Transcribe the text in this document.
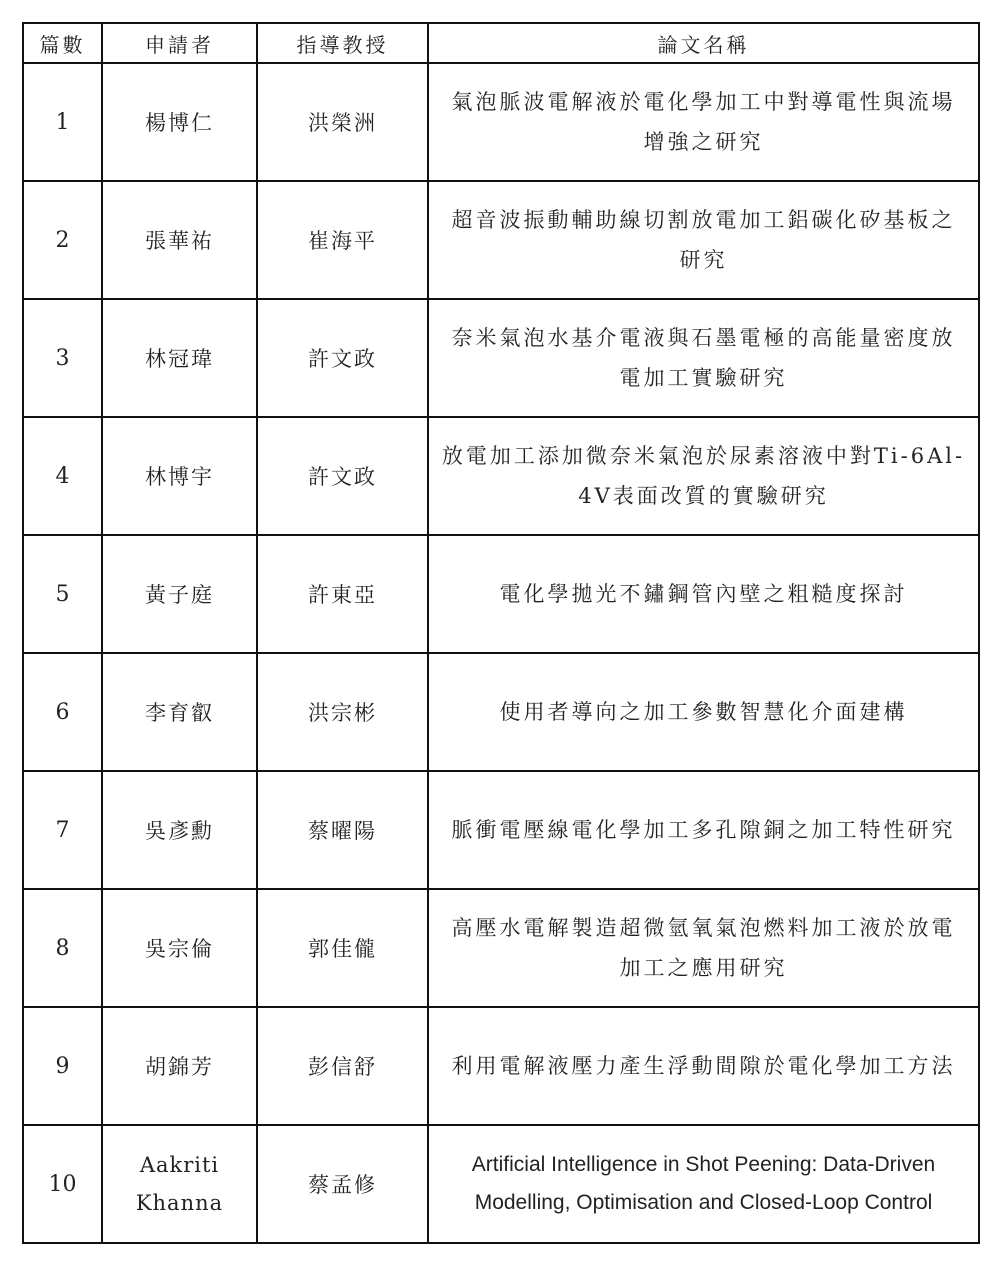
篇數	申請者	指導教授	論文名稱
1	楊博仁	洪榮洲	氣泡脈波電解液於電化學加工中對導電性與流場增強之研究
2	張華祐	崔海平	超音波振動輔助線切割放電加工鋁碳化矽基板之研究
3	林冠瑋	許文政	奈米氣泡水基介電液與石墨電極的高能量密度放電加工實驗研究
4	林博宇	許文政	放電加工添加微奈米氣泡於尿素溶液中對Ti-6Al-4V表面改質的實驗研究
5	黃子庭	許東亞	電化學拋光不鏽鋼管內壁之粗糙度探討
6	李育叡	洪宗彬	使用者導向之加工參數智慧化介面建構
7	吳彥勳	蔡曜陽	脈衝電壓線電化學加工多孔隙銅之加工特性研究
8	吳宗倫	郭佳儱	高壓水電解製造超微氫氧氣泡燃料加工液於放電加工之應用研究
9	胡錦芳	彭信舒	利用電解液壓力產生浮動間隙於電化學加工方法
10	Aakriti Khanna	蔡孟修	Artificial Intelligence in Shot Peening: Data-Driven Modelling, Optimisation and Closed-Loop Control
